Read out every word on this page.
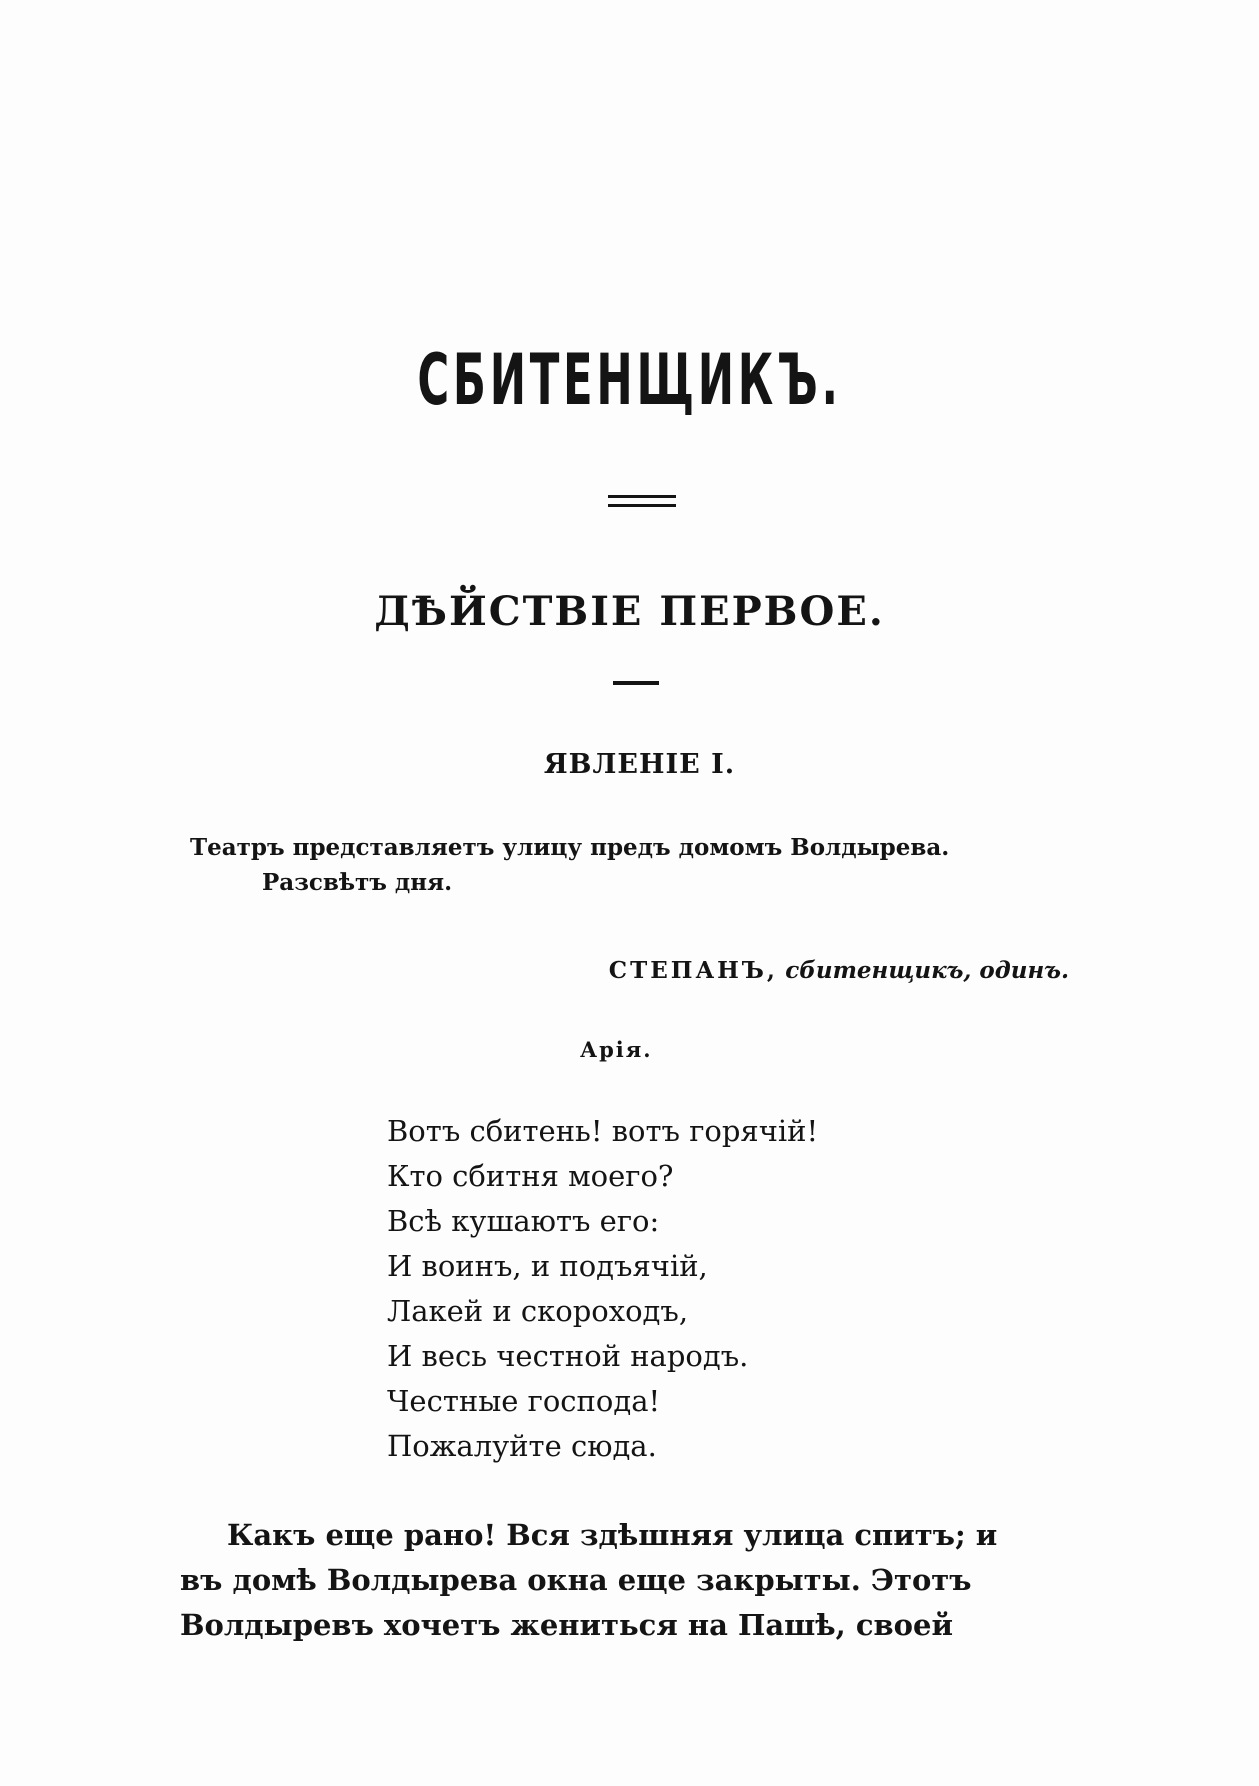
СБИТЕНЩИКЪ.
ДѢЙСТВІЕ ПЕРВОЕ.
ЯВЛЕНІЕ I.

Театръ представляетъ улицу предъ домомъ Волдырева.
Разсвѣтъ дня.

СТЕПАНЪ, сбитенщикъ, одинъ.

Арія.

Вотъ сбитень! вотъ горячій!
Кто сбитня моего?
Всѣ кушаютъ его:
И воинъ, и подъячій,
Лакей и скороходъ,
И весь честной народъ.
Честные господа!
Пожалуйте сюда.

Какъ еще рано! Вся здѣшняя улица спитъ; и
въ домѣ Волдырева окна еще закрыты. Этотъ
Волдыревъ хочетъ жениться на Пашѣ, своей
